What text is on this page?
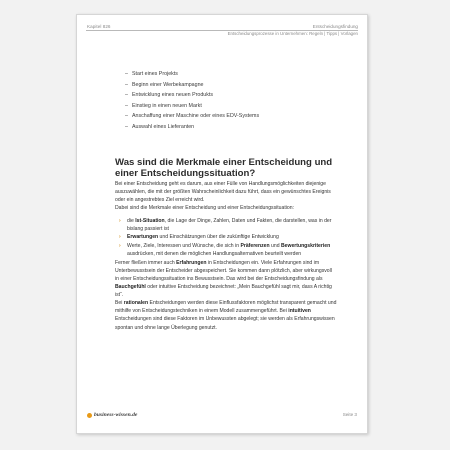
Kapitel 826	Entscheidungsfindung
Entscheidungsprozesse in Unternehmen: Regeln | Tipps | Vorlagen
– Start eines Projekts
– Beginn einer Werbekampagne
– Entwicklung eines neuen Produkts
– Einstieg in einen neuen Markt
– Anschaffung einer Maschine oder eines EDV-Systems
– Auswahl eines Lieferanten
Was sind die Merkmale einer Entscheidung und einer Entscheidungssituation?

Bei einer Entscheidung geht es darum, aus einer Fülle von Handlungsmöglichkeiten diejenige auszuwählen, die mit der größten Wahrscheinlichkeit dazu führt, dass ein gewünschtes Ereignis oder ein angestrebtes Ziel erreicht wird.

Dabei sind die Merkmale einer Entscheidung und einer Entscheidungssituation:

› die Ist-Situation, die Lage der Dinge, Zahlen, Daten und Fakten, die darstellen, was in der bislang passiert ist
› Erwartungen und Einschätzungen über die zukünftige Entwicklung
› Werte, Ziele, Interessen und Wünsche, die sich in Präferenzen und Bewertungskriterien ausdrücken, mit denen die möglichen Handlungsalternativen beurteilt werden

Ferner fließen immer auch Erfahrungen in Entscheidungen ein. Viele Erfahrungen sind im Unterbewusstsein der Entscheider abgespeichert. Sie kommen dann plötzlich, aber wirkungsvoll in einer Entscheidungssituation ins Bewusstsein. Das wird bei der Entscheidungsfindung als Bauchgefühl oder intuitive Entscheidung bezeichnet: „Mein Bauchgefühl sagt mir, dass A richtig ist“.

Bei rationalen Entscheidungen werden diese Einflussfaktoren möglichst transparent gemacht und mithilfe von Entscheidungstechniken in einem Modell zusammengeführt. Bei intuitiven Entscheidungen sind diese Faktoren im Unbewussten abgelegt; sie werden als Erfahrungswissen spontan und ohne lange Überlegung genutzt.

business-wissen.de	Seite 3
